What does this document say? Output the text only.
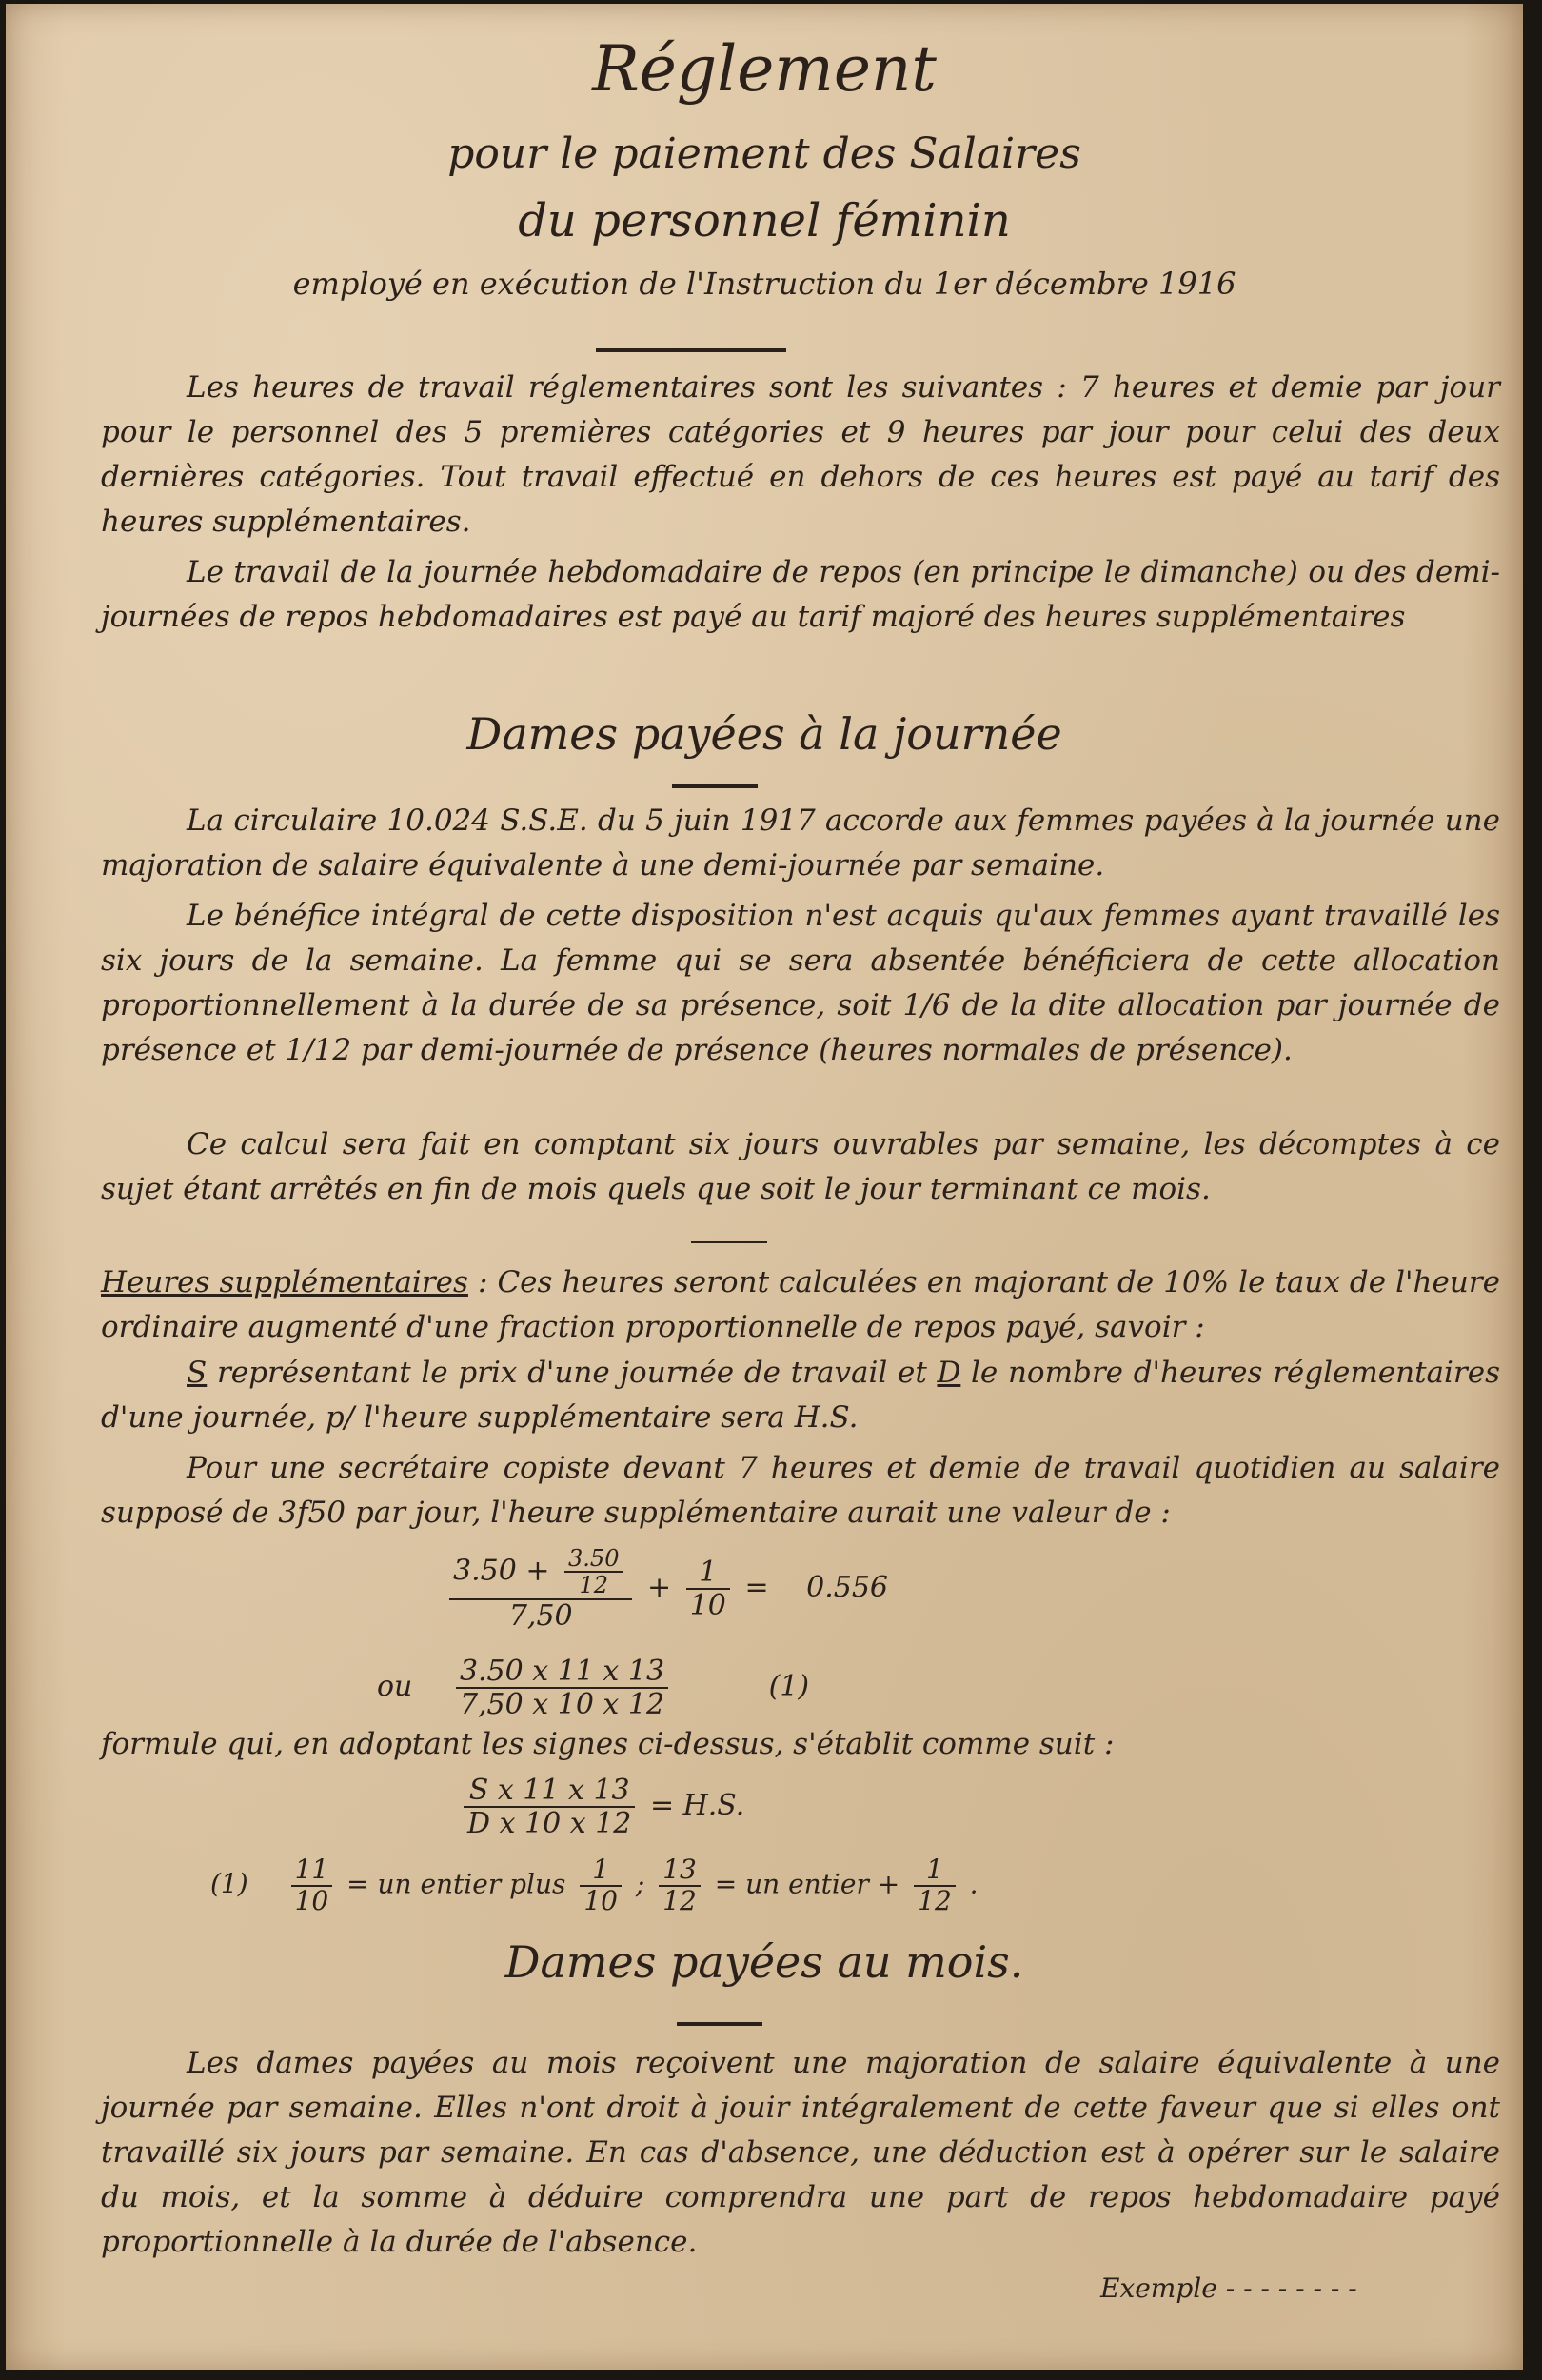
Réglement
pour le paiement des Salaires
du personnel féminin
employé en exécution de l'Instruction du 1er décembre 1916

Les heures de travail réglementaires sont les suivantes : 7 heures et demie par jour pour le personnel des 5 premières catégories et 9 heures par jour pour celui des deux dernières catégories. Tout travail effectué en dehors de ces heures est payé au tarif des heures supplémentaires.

Le travail de la journée hebdomadaire de repos (en principe le dimanche) ou des demi-journées de repos hebdomadaires est payé au tarif majoré des heures supplémentaires

Dames payées à la journée

La circulaire 10.024 S.S.E. du 5 juin 1917 accorde aux femmes payées à la journée une majoration de salaire équivalente à une demi-journée par semaine.

Le bénéfice intégral de cette disposition n'est acquis qu'aux femmes ayant travaillé les six jours de la semaine. La femme qui se sera absentée bénéficiera de cette allocation proportionnellement à la durée de sa présence, soit 1/6 de la dite allocation par journée de présence et 1/12 par demi-journée de présence (heures normales de présence).

Ce calcul sera fait en comptant six jours ouvrables par semaine, les décomptes à ce sujet étant arrêtés en fin de mois quels que soit le jour terminant ce mois.

Heures supplémentaires : Ces heures seront calculées en majorant de 10% le taux de l'heure ordinaire augmenté d'une fraction proportionnelle de repos payé, savoir :

S représentant le prix d'une journée de travail et D le nombre d'heures réglementaires d'une journée, p/ l'heure supplémentaire sera H.S.

Pour une secrétaire copiste devant 7 heures et demie de travail quotidien au salaire supposé de 3f50 par jour, l'heure supplémentaire aurait une valeur de :

$\frac{3.50 + \frac{3.50}{12}}{7,50} + \frac{1}{10} = 0.556$
ou $\frac{3.50 x 11 x 13}{7,50 x 10 x 12}$	(1)

formule qui, en adoptant les signes ci-dessus, s'établit comme suit :

$\frac{\text{S x 11 x 13}}{\text{D x 10 x 12}} = H.S$.
$(1) \frac{11}{10}$ = un entier plus $\frac{1}{10}$ ; $\frac{13}{12}$ = un entier + $\frac{1}{12}$ .
Dames payées au mois.

Les dames payées au mois reçoivent une majoration de salaire équivalente à une journée par semaine. Elles n'ont droit à jouir intégralement de cette faveur que si elles ont travaillé six jours par semaine. En cas d'absence, une déduction est à opérer sur le salaire du mois, et la somme à déduire comprendra une part de repos hebdomadaire payé proportionnelle à la durée de l'absence.

Exemple - - - - - - - -
